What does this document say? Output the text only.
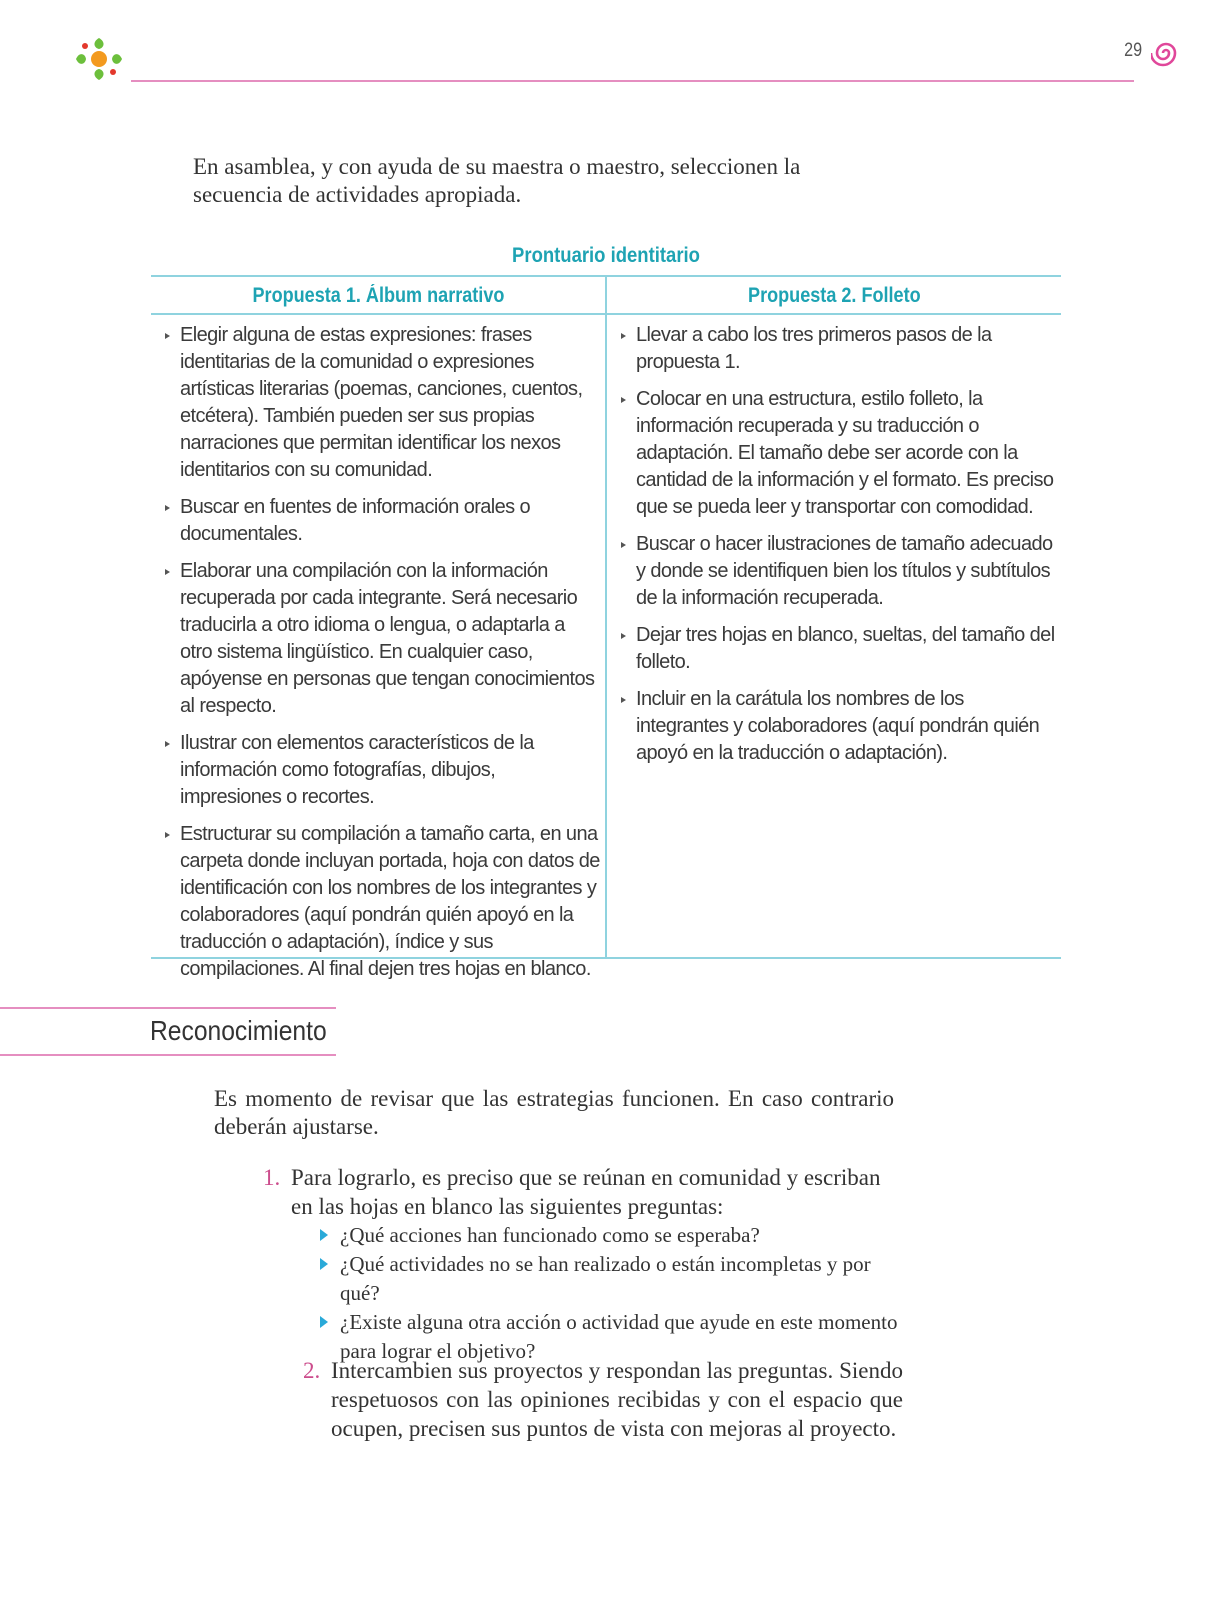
29
En asamblea, y con ayuda de su maestra o maestro, seleccionen la secuencia de actividades apropiada.
Prontuario identitario
Propuesta 1. Álbum narrativo	Propuesta 2. Folleto
Elegir alguna de estas expresiones: frases identitarias de la comunidad o expresiones artísticas literarias (poemas, canciones, cuentos, etcétera). También pueden ser sus propias narraciones que permitan identificar los nexos identitarios con su comunidad.
Buscar en fuentes de información orales o documentales.
Elaborar una compilación con la información recuperada por cada integrante. Será necesario traducirla a otro idioma o lengua, o adaptarla a otro sistema lingüístico. En cualquier caso, apóyense en personas que tengan conocimientos al respecto.
Ilustrar con elementos característicos de la información como fotografías, dibujos, impresiones o recortes.
Estructurar su compilación a tamaño carta, en una carpeta donde incluyan portada, hoja con datos de identificación con los nombres de los integrantes y colaboradores (aquí pondrán quién apoyó en la traducción o adaptación), índice y sus compilaciones. Al final dejen tres hojas en blanco.
Llevar a cabo los tres primeros pasos de la propuesta 1.
Colocar en una estructura, estilo folleto, la información recuperada y su traducción o adaptación. El tamaño debe ser acorde con la cantidad de la información y el formato. Es preciso que se pueda leer y transportar con comodidad.
Buscar o hacer ilustraciones de tamaño adecuado y donde se identifiquen bien los títulos y subtítulos de la información recuperada.
Dejar tres hojas en blanco, sueltas, del tamaño del folleto.
Incluir en la carátula los nombres de los integrantes y colaboradores (aquí pondrán quién apoyó en la traducción o adaptación).
Reconocimiento
Es momento de revisar que las estrategias funcionen. En caso contrario deberán ajustarse.
1. Para lograrlo, es preciso que se reúnan en comunidad y escriban en las hojas en blanco las siguientes preguntas:
¿Qué acciones han funcionado como se esperaba?
¿Qué actividades no se han realizado o están incompletas y por qué?
¿Existe alguna otra acción o actividad que ayude en este momento para lograr el objetivo?
2. Intercambien sus proyectos y respondan las preguntas. Siendo respetuosos con las opiniones recibidas y con el espacio que ocupen, precisen sus puntos de vista con mejoras al proyecto.
